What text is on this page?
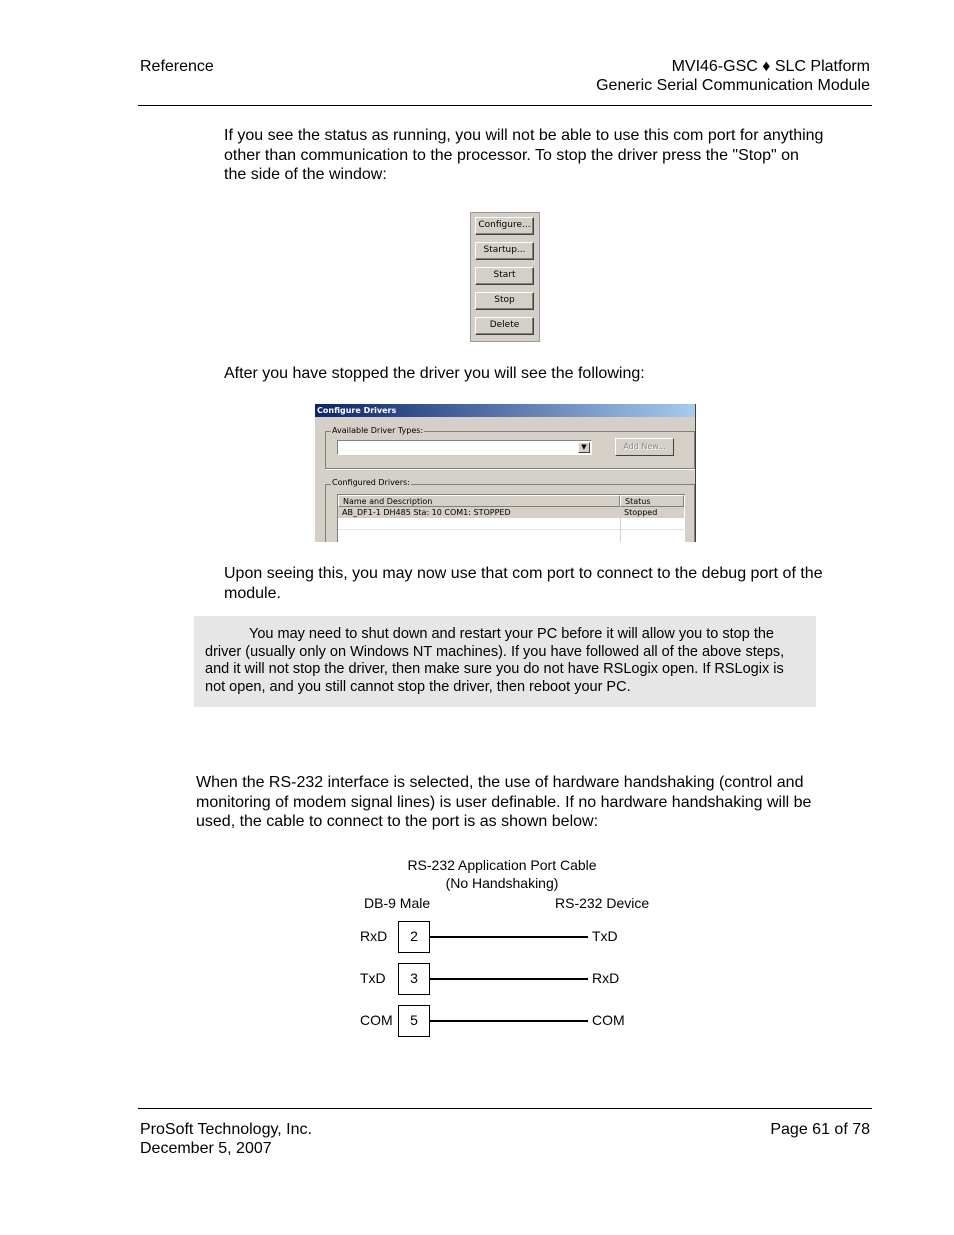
Reference	MVI46-GSC ♦ SLC Platform
Generic Serial Communication Module
If you see the status as running, you will not be able to use this com port for anything other than communication to the processor. To stop the driver press the "Stop" on the side of the window:
Configure...
Startup...
Start
Stop
Delete
After you have stopped the driver you will see the following:
Configure Drivers
Available Driver Types:
▼	Add New...
Configured Drivers:
Name and Description	Status
AB_DF1-1 DH485 Sta: 10 COM1: STOPPED	Stopped
Upon seeing this, you may now use that com port to connect to the debug port of the module.
You may need to shut down and restart your PC before it will allow you to stop the driver (usually only on Windows NT machines). If you have followed all of the above steps, and it will not stop the driver, then make sure you do not have RSLogix open. If RSLogix is not open, and you still cannot stop the driver, then reboot your PC.
When the RS-232 interface is selected, the use of hardware handshaking (control and monitoring of modem signal lines) is user definable. If no hardware handshaking will be used, the cable to connect to the port is as shown below:
RS-232 Application Port Cable
(No Handshaking)
DB-9 Male	RS-232 Device
RxD	2	TxD
TxD	3	RxD
COM	5	COM
ProSoft Technology, Inc.
December 5, 2007
Page 61 of 78
